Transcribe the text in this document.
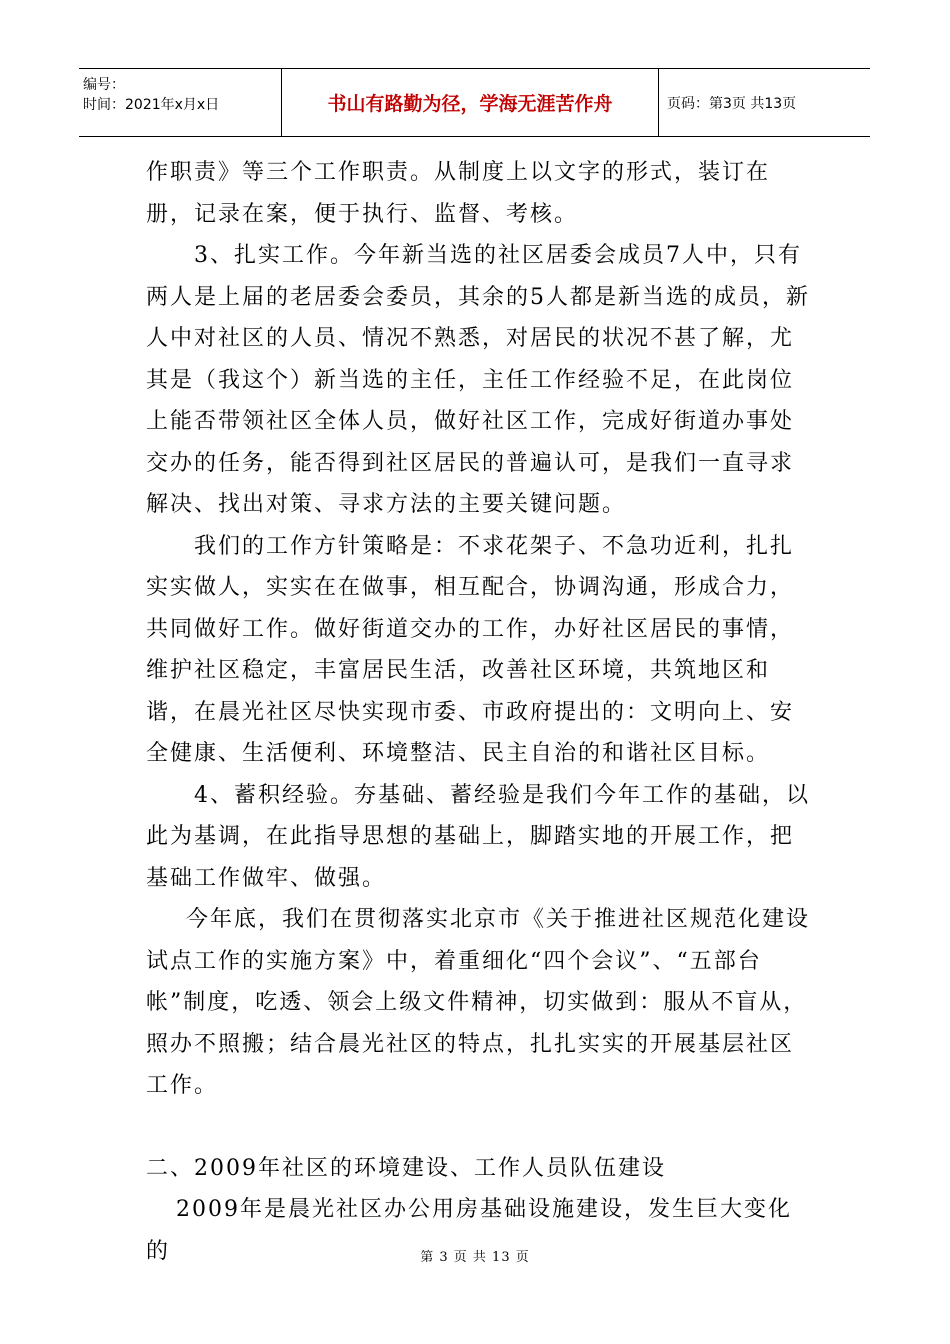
编号：
时间：2021年x月x日	书山有路勤为径，学海无涯苦作舟	页码：第3页 共13页

作职责》等三个工作职责。从制度上以文字的形式，装订在册，记录在案，便于执行、监督、考核。

3、扎实工作。今年新当选的社区居委会成员7人中，只有两人是上届的老居委会委员，其余的5人都是新当选的成员，新人中对社区的人员、情况不熟悉，对居民的状况不甚了解，尤其是（我这个）新当选的主任，主任工作经验不足，在此岗位上能否带领社区全体人员，做好社区工作，完成好街道办事处交办的任务，能否得到社区居民的普遍认可，是我们一直寻求解决、找出对策、寻求方法的主要关键问题。

我们的工作方针策略是：不求花架子、不急功近利，扎扎实实做人，实实在在做事，相互配合，协调沟通，形成合力，共同做好工作。做好街道交办的工作，办好社区居民的事情，维护社区稳定，丰富居民生活，改善社区环境，共筑地区和谐，在晨光社区尽快实现市委、市政府提出的：文明向上、安全健康、生活便利、环境整洁、民主自治的和谐社区目标。

4、蓄积经验。夯基础、蓄经验是我们今年工作的基础，以此为基调，在此指导思想的基础上，脚踏实地的开展工作，把基础工作做牢、做强。

今年底，我们在贯彻落实北京市《关于推进社区规范化建设试点工作的实施方案》中，着重细化“四个会议”、“五部台帐”制度，吃透、领会上级文件精神，切实做到：服从不盲从，照办不照搬；结合晨光社区的特点，扎扎实实的开展基层社区工作。

二、2009年社区的环境建设、工作人员队伍建设

2009年是晨光社区办公用房基础设施建设，发生巨大变化的	第 3 页 共 13 页
